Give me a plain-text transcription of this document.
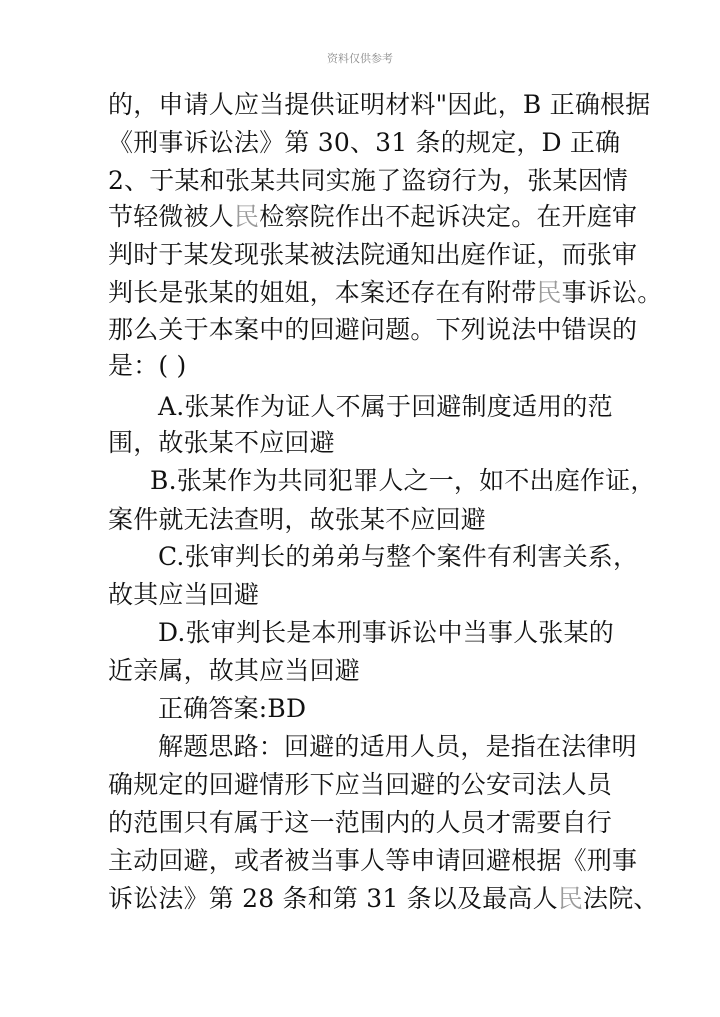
资料仅供参考
的，申请人应当提供证明材料"因此，B 正确根据
《刑事诉讼法》第 30、31 条的规定，D 正确
2、于某和张某共同实施了盗窃行为，张某因情
节轻微被人民检察院作出不起诉决定。在开庭审
判时于某发现张某被法院通知出庭作证，而张审
判长是张某的姐姐，本案还存在有附带民事诉讼。
那么关于本案中的回避问题。下列说法中错误的
是：( )
A.张某作为证人不属于回避制度适用的范
围，故张某不应回避
B.张某作为共同犯罪人之一，如不出庭作证，
案件就无法查明，故张某不应回避
C.张审判长的弟弟与整个案件有利害关系，
故其应当回避
D.张审判长是本刑事诉讼中当事人张某的
近亲属，故其应当回避
正确答案:BD
解题思路：回避的适用人员，是指在法律明
确规定的回避情形下应当回避的公安司法人员
的范围只有属于这一范围内的人员才需要自行
主动回避，或者被当事人等申请回避根据《刑事
诉讼法》第 28 条和第 31 条以及最高人民法院、
